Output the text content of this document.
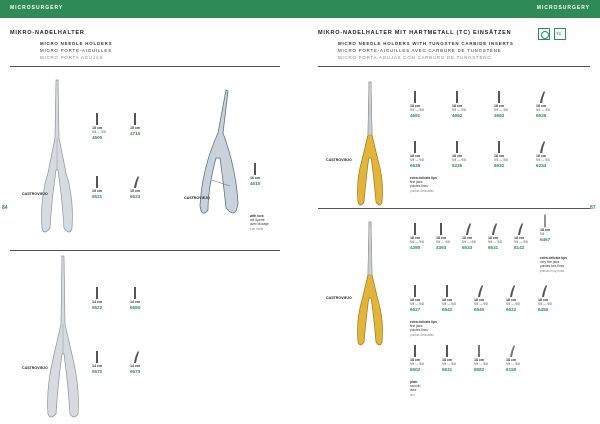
MICROSURGERY	MICROSURGERY
MIKRO-NADELHALTER
MICRO NEEDLE HOLDERS
MICRO PORTE-AIGUILLES
MICRO PORTA AGUJAS
MIKRO-NADELHALTER MIT HARTMETALL (TC) EINSÄTZEN
MICRO NEEDLE HOLDERS WITH TUNGSTEN CARBIDE INSERTS
MICRO PORTE-AIGUILLES AVEC CARBURE DE TUNGSTÈNE
MICRO PORTA AGUJAS CON CARBURO DE TUNGSTENO
TC
84	87
CASTROVIEJO
15 cm
9/4 — 9/8
4500
15 cm
4715
15 cm
6521
15 cm
6523	CASTROVIEJO
16 cm
4510
with lock
mit Sperre
avec blocage
con traba
CASTROVIEJO
14 cm
6522
14 cm
6550
14 cm
6572
14 cm
6573
CASTROVIEJO
18 cm
9/4 — 9/8
4691
18 cm
9/4 — 9/8
4692
18 cm
9/4 — 9/8
4693
18 cm
9/4 — 9/8
6529
18 cm
9/4 — 9/8
6535
18 cm
9/4 — 9/8
6236
18 cm
9/4 — 9/8
6532
18 cm
9/4 — 9/8
6234
extra delicate tips
fine jaws
pointes fines
puntas delicadas
CASTROVIEJO
18 cm
9/4 — 9/8
4390
18 cm
9/4 — 9/8
4393
18 cm
9/4 — 9/8
6533
18 cm
9/4 — 9/8
6531
18 cm
9/4 — 9/8
6142
18 cm
9/4
6457
extra delicate tips
very thin jaws
pointes très fines
puntas muy finas
18 cm
9/4 — 9/8
6527
18 cm
9/4 — 9/8
6542
18 cm
9/4 — 9/8
6540
18 cm
9/4 — 9/8
6522
18 cm
9/4 — 9/8
6450
extra delicate tips
fine jaws
pointes fines
puntas delicadas
18 cm
9/4 — 9/8
6502
18 cm
9/4 — 9/8
6531
18 cm
9/4 — 9/8
6582
18 cm
9/4 — 9/8
6150
plain
smooth
lisse
liso
